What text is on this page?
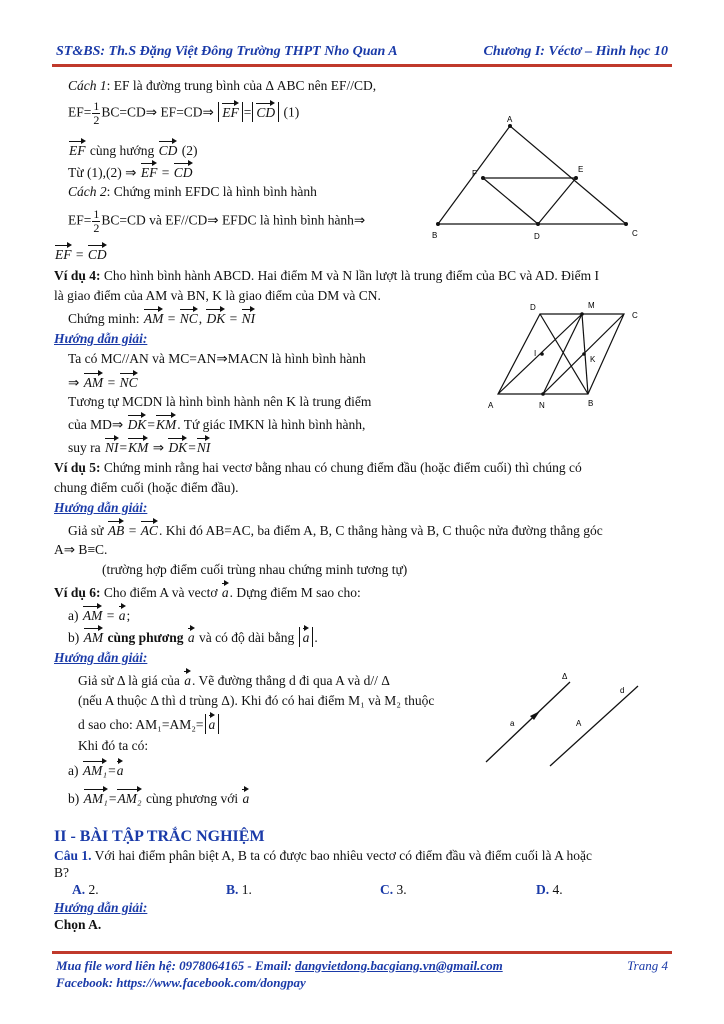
ST&BS: Th.S Đặng Việt Đông Trường THPT Nho Quan A	Chương I: Véctơ – Hình học 10
Cách 1: EF là đường trung bình của Δ ABC nên EF//CD,
$EF= \frac{1}{2}$ BC=CD⇒ EF=CD⇒ EF = CD (1)
EF cùng hướng CD (2)
Từ (1),(2) ⇒ EF = CD
Cách 2: Chứng minh EFDC là hình bình hành
$EF= \frac{1}{2} BC=CD$ và EF//CD⇒ EFDC là hình bình hành⇒
EF = CD
A
B	C
D
E
F
Ví dụ 4: Cho hình bình hành ABCD. Hai điểm M và N lần lượt là trung điểm của BC và AD. Điểm I
là giao điểm của AM và BN, K là giao điểm của DM và CN.
Chứng minh: AM = NC, DK = NI
Hướng dẫn giải:
Ta có MC//AN và MC=AN⇒MACN là hình bình hành
⇒ AM = NC
Tương tự MCDN là hình bình hành nên K là trung điểm
của MD⇒ DK=KM. Tứ giác IMKN là hình bình hành,
suy ra NI=KM ⇒ DK=NI
D	M
C
I
K
A	N	B
Ví dụ 5: Chứng minh rằng hai vectơ bằng nhau có chung điểm đầu (hoặc điểm cuối) thì chúng có
chung điểm cuối (hoặc điểm đầu).
Hướng dẫn giải:
Giả sử AB = AC. Khi đó AB=AC, ba điểm A, B, C thẳng hàng và B, C thuộc nửa đường thẳng góc
A⇒ B≡C.
(trường hợp điểm cuối trùng nhau chứng minh tương tự)
Ví dụ 6: Cho điểm A và vectơ a. Dựng điểm M sao cho:
a) AM = a;
b) AM cùng phương a và có độ dài bằng a .
Hướng dẫn giải:
Giả sử Δ là giá của a. Vẽ đường thẳng d đi qua A và d// Δ
(nếu A thuộc Δ thì d trùng Δ). Khi đó có hai điểm M₁ và M₂ thuộc
d sao cho: AM₁=AM₂= a
Khi đó ta có:
a) AM₁=a
b) AM₁=AM₂ cùng phương với a
Δ
d
a	A
II - BÀI TẬP TRẮC NGHIỆM
Câu 1. Với hai điểm phân biệt A, B ta có được bao nhiêu vectơ có điểm đầu và điểm cuối là A hoặc
B?
A. 2.	B. 1.	C. 3.	D. 4.
Hướng dẫn giải:
Chọn A.
Mua file word liên hệ: 0978064165 - Email: dangvietdong.bacgiang.vn@gmail.com	Trang 4
Facebook: https://www.facebook.com/dongpay
